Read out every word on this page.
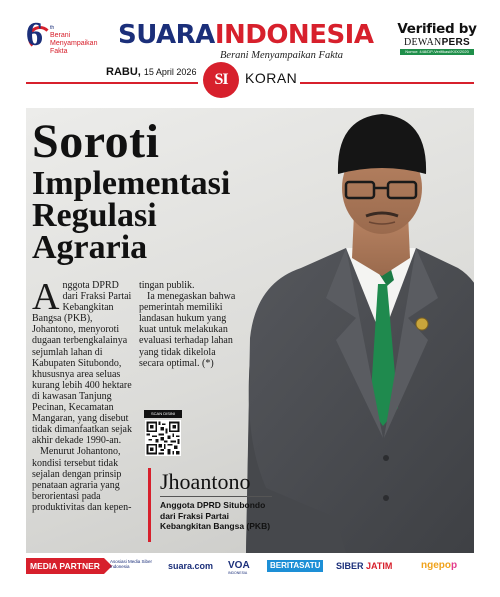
6 th
Berani Menyampaikan Fakta
SUARAINDONESIA
Berani Menyampaikan Fakta
Verified by
DEWANPERS
Nomor: 448/DP-Verifikasi/K/IX/2020
RABU, 15 April 2026	SI	KORAN
Soroti
Implementasi
Regulasi
Agraria

Anggota DPRD dari Fraksi Partai Kebangkitan Bangsa (PKB), Johantono, menyoroti dugaan terbengkalainya sejumlah lahan di Kabupaten Situbondo, khususnya area seluas kurang lebih 400 hektare di kawasan Tanjung Pecinan, Kecamatan Mangaran, yang disebut tidak dimanfaatkan sejak akhir dekade 1990-an.

Menurut Johantono, kondisi tersebut tidak sejalan dengan prinsip penataan agraria yang berorientasi pada produktivitas dan kepen-

tingan publik.

Ia menegaskan bahwa pemerintah memiliki landasan hukum yang kuat untuk melakukan evaluasi terhadap lahan yang tidak dikelola secara optimal. (*)

SCAN DISINI
Jhoantono
Anggota DPRD Situbondo dari Fraksi Partai Kebangkitan Bangsa (PKB)
MEDIA PARTNER	Asosiasi Media Siber Indonesia	suara.com VOA
INDONESIA
BERITASATU	SIBER JATIM	ngepop
